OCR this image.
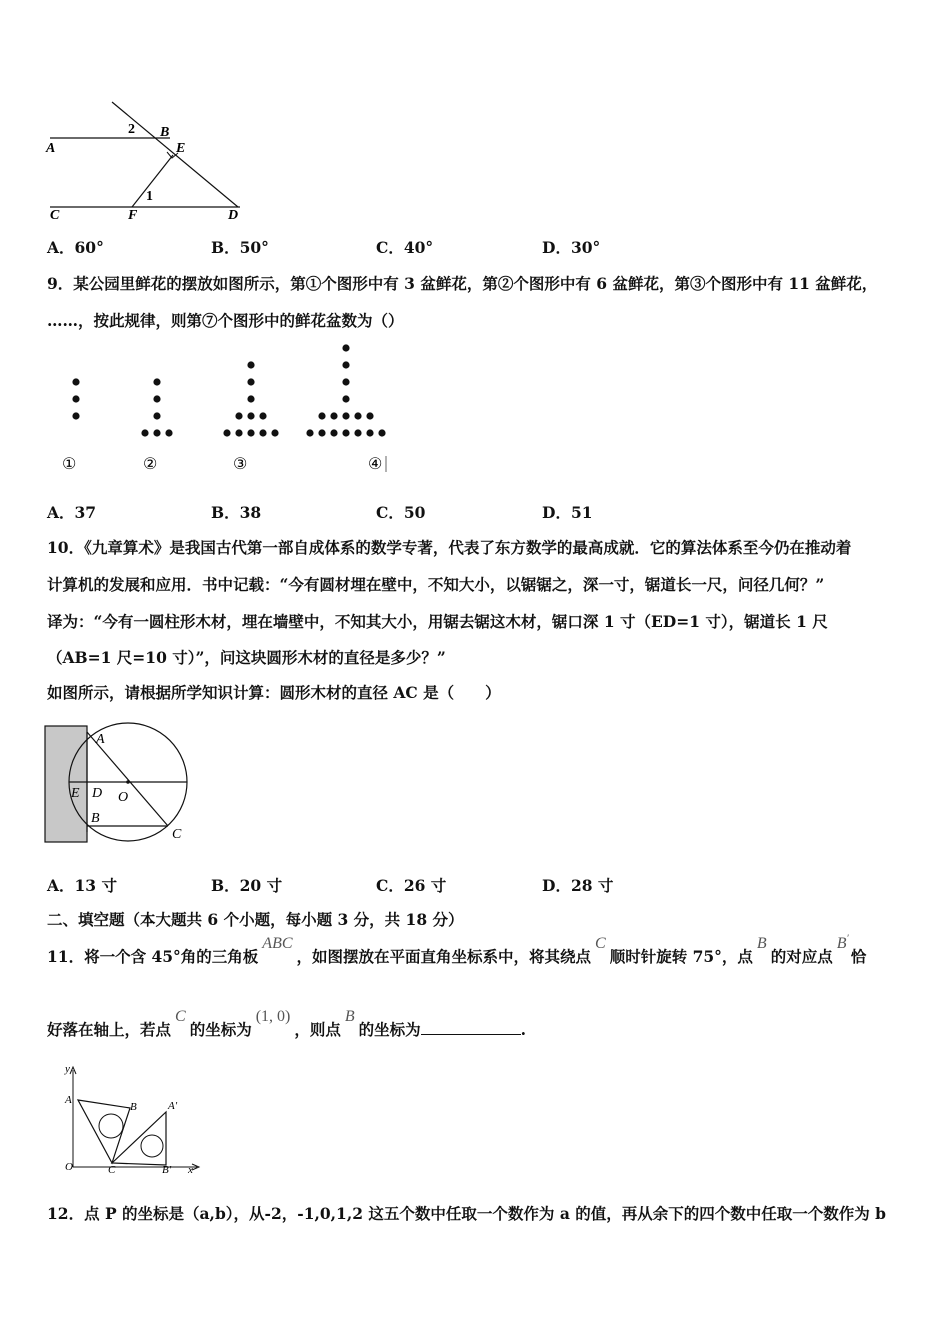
A
B
2
E
1
C	F	D
A．60°	B．50°	C．40°	D．30°
9．某公园里鲜花的摆放如图所示，第①个图形中有 3 盆鲜花，第②个图形中有 6 盆鲜花，第③个图形中有 11 盆鲜花，
……，按此规律，则第⑦个图形中的鲜花盆数为（）
①	②	③	④
A．37	B．38	C．50	D．51
10．《九章算术》是我国古代第一部自成体系的数学专著，代表了东方数学的最高成就．它的算法体系至今仍在推动着
计算机的发展和应用．书中记载：“今有圆材埋在壁中，不知大小，以锯锯之，深一寸，锯道长一尺，问径几何？”
译为：“今有一圆柱形木材，埋在墙壁中，不知其大小，用锯去锯这木材，锯口深 1 寸（ED=1 寸），锯道长 1 尺
（AB=1 尺=10 寸）”，问这块圆形木材的直径是多少？”
如图所示，请根据所学知识计算：圆形木材的直径 AC 是（　　）
A
E D O
B
C
A．13 寸	B．20 寸	C．26 寸	D．28 寸
二、填空题（本大题共 6 个小题，每小题 3 分，共 18 分）
11．将一个含 45°角的三角板ABC，如图摆放在平面直角坐标系中，将其绕点C顺时针旋转 75°，点B的对应点B′恰
好落在轴上，若点C的坐标为(1, 0)，则点B的坐标为	.
y
x
O
A
B
C
A′
B′
12．点 P 的坐标是（a,b），从-2，-1,0,1,2 这五个数中任取一个数作为 a 的值，再从余下的四个数中任取一个数作为 b
